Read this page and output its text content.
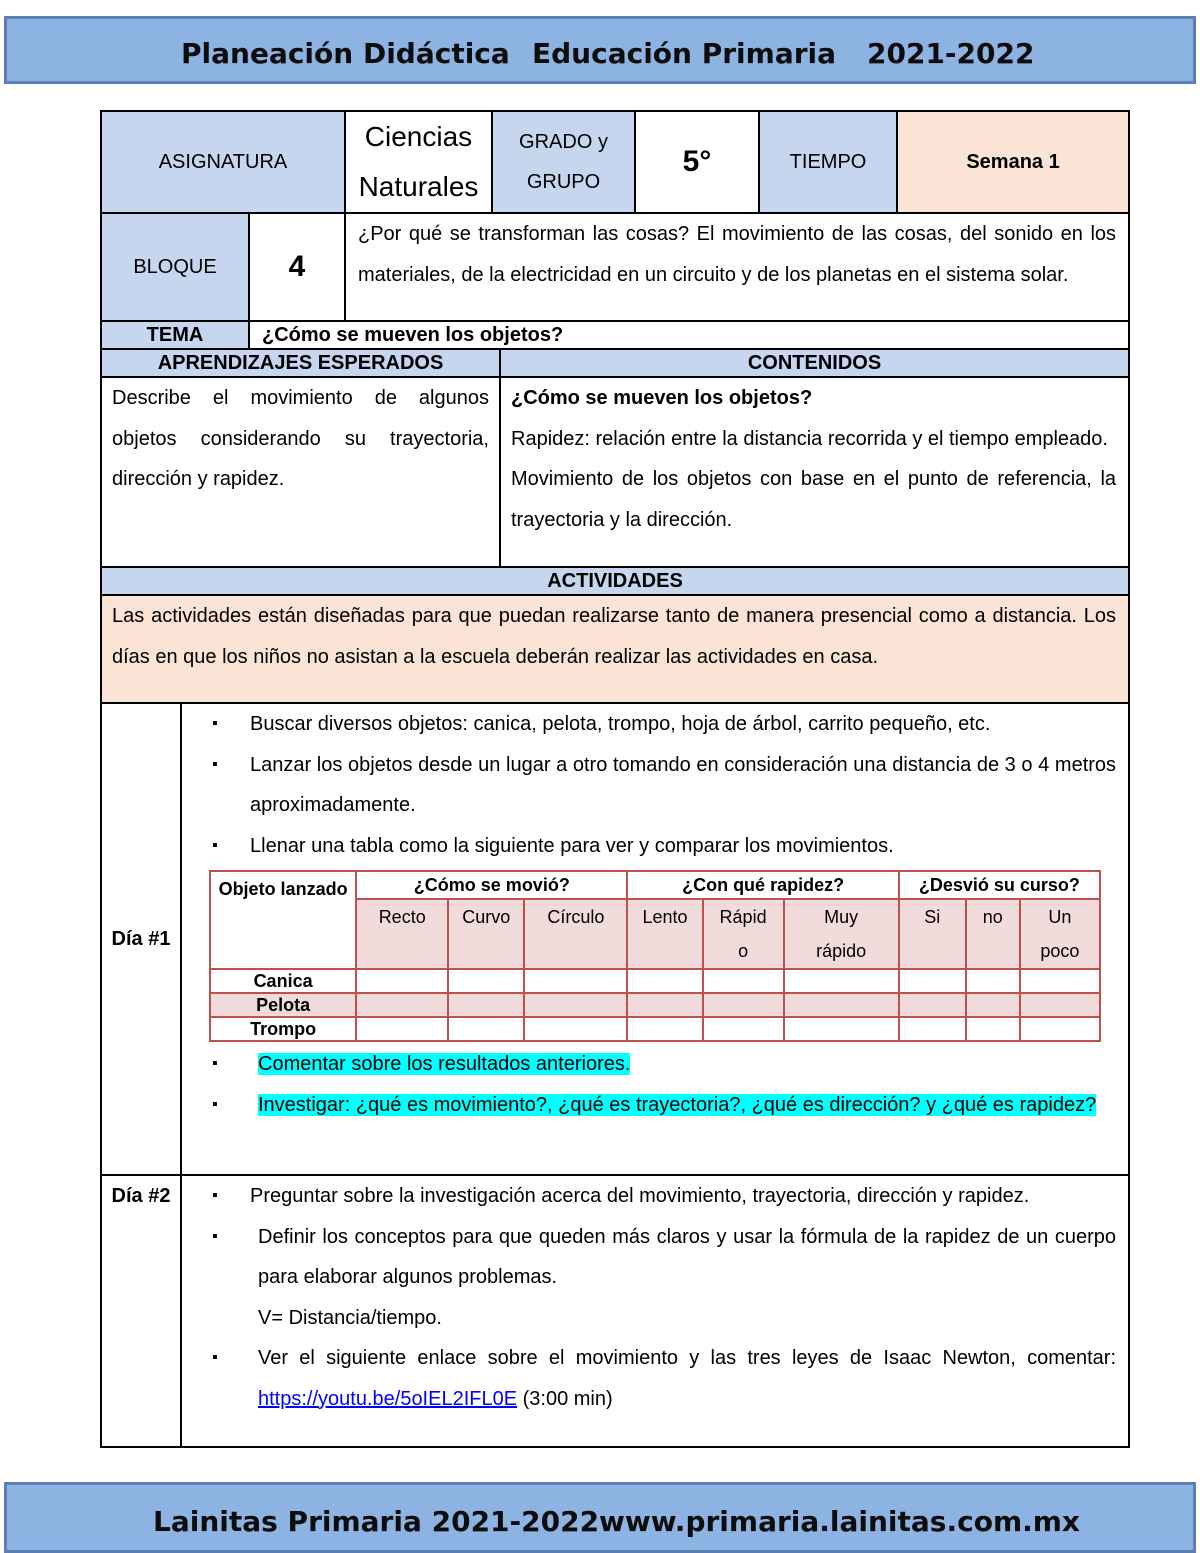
Planeación Didáctica Educación Primaria 2021-2022
ASIGNATURA	Ciencias Naturales	GRADO y GRUPO	5°	TIEMPO	Semana 1
BLOQUE	4	¿Por qué se transforman las cosas? El movimiento de las cosas, del sonido en los materiales, de la electricidad en un circuito y de los planetas en el sistema solar.
TEMA	¿Cómo se mueven los objetos?
APRENDIZAJES ESPERADOS	CONTENIDOS
Describe el movimiento de algunos objetos considerando su trayectoria, dirección y rapidez.	
¿Cómo se mueven los objetos?
Rapidez: relación entre la distancia recorrida y el tiempo empleado.
Movimiento de los objetos con base en el punto de referencia, la trayectoria y la dirección.

ACTIVIDADES
Las actividades están diseñadas para que puedan realizarse tanto de manera presencial como a distancia. Los días en que los niños no asistan a la escuela deberán realizar las actividades en casa.
Día #1	
▪ Buscar diversos objetos: canica, pelota, trompo, hoja de árbol, carrito pequeño, etc.
▪ Lanzar los objetos desde un lugar a otro tomando en consideración una distancia de 3 o 4 metros aproximadamente.
▪ Llenar una tabla como la siguiente para ver y comparar los movimientos.
Objeto lanzado	¿Cómo se movió?	¿Con qué rapidez?	¿Desvió su curso?
Recto	Curvo	Círculo	Lento	Rápido	Muy rápido	Si	no	Un poco
Canica									
Pelota									
Trompo									
▪ Comentar sobre los resultados anteriores.
▪ Investigar: ¿qué es movimiento?, ¿qué es trayectoria?, ¿qué es dirección? y ¿qué es rapidez?

Día #2	
▪Preguntar sobre la investigación acerca del movimiento, trayectoria, dirección y rapidez.
▪ Definir los conceptos para que queden más claros y usar la fórmula de la rapidez de un cuerpo para elaborar algunos problemas.
V= Distancia/tiempo.
▪ Ver el siguiente enlace sobre el movimiento y las tres leyes de Isaac Newton, comentar: https://youtu.be/5oIEL2IFL0E (3:00 min)
Lainitas Primaria 2021-2022 www.primaria.lainitas.com.mx
